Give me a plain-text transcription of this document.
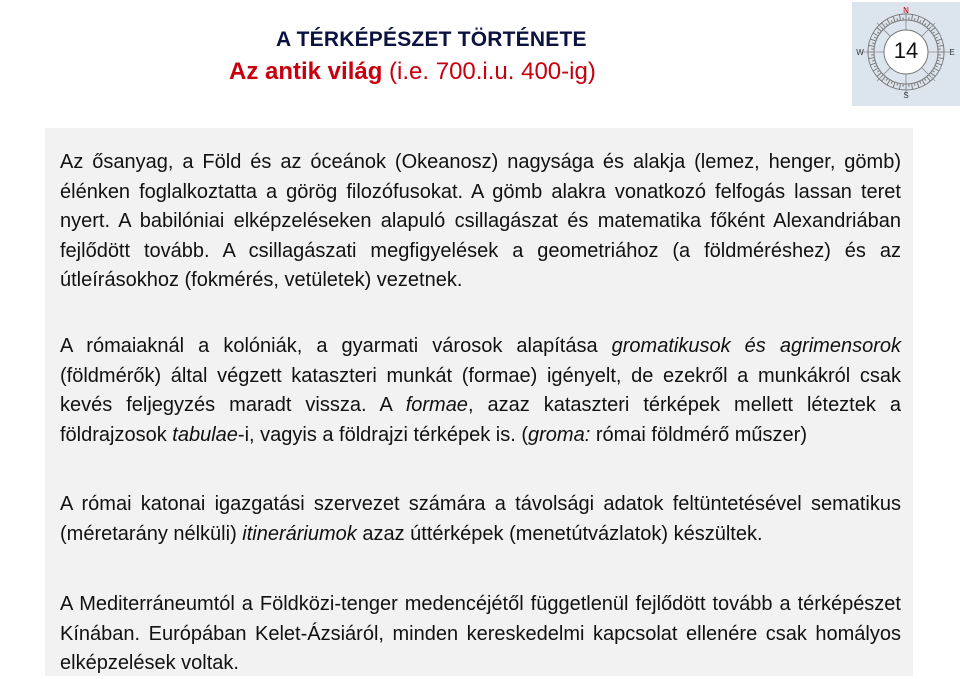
A TÉRKÉPÉSZET TÖRTÉNETE
Az antik világ (i.e. 700.i.u. 400-ig)
N
S
E
W	14
Az ősanyag, a Föld és az óceánok (Okeanosz) nagysága és alakja (lemez, henger, gömb) élénken foglalkoztatta a görög filozófusokat. A gömb alakra vonatkozó felfogás lassan teret nyert. A babilóniai elképzeléseken alapuló csillagászat és matematika főként Alexandriában fejlődött tovább. A csillagászati megfigyelések a geometriához (a földméréshez) és az útleírásokhoz (fokmérés, vetületek) vezetnek.
A rómaiaknál a kolóniák, a gyarmati városok alapítása gromatikusok és agrimensorok (földmérők) által végzett kataszteri munkát (formae) igényelt, de ezekről a munkákról csak kevés feljegyzés maradt vissza. A formae, azaz kataszteri térképek mellett léteztek a földrajzosok tabulae-i, vagyis a földrajzi térképek is. (groma: római földmérő műszer)
A római katonai igazgatási szervezet számára a távolsági adatok feltüntetésével sematikus (méretarány nélküli) itineráriumok azaz úttérképek (menetútvázlatok) készültek.
A Mediterráneumtól a Földközi-tenger medencéjétől függetlenül fejlődött tovább a térképészet Kínában. Európában Kelet-Ázsiáról, minden kereskedelmi kapcsolat ellenére csak homályos elképzelések voltak.
